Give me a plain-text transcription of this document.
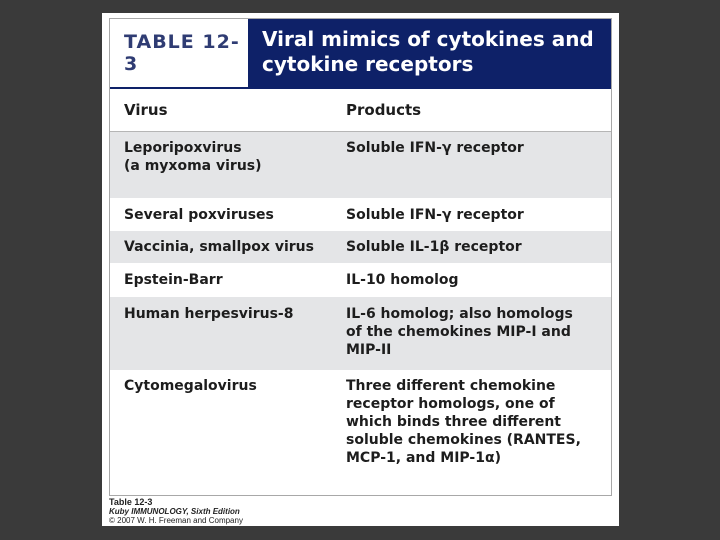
TABLE 12-3
Viral mimics of cytokines and
cytokine receptors
Virus	Products
Leporipoxvirus
(a myxoma virus)	Soluble IFN-γ receptor
Several poxviruses	Soluble IFN-γ receptor
Vaccinia, smallpox virus	Soluble IL-1β receptor
Epstein-Barr	IL-10 homolog
Human herpesvirus-8	IL-6 homolog; also homologs
of the chemokines MIP-I and
MIP-II
Cytomegalovirus	Three different chemokine
receptor homologs, one of
which binds three different
soluble chemokines (RANTES,
MCP-1, and MIP-1α)
Table 12-3
Kuby IMMUNOLOGY, Sixth Edition
© 2007 W. H. Freeman and Company
